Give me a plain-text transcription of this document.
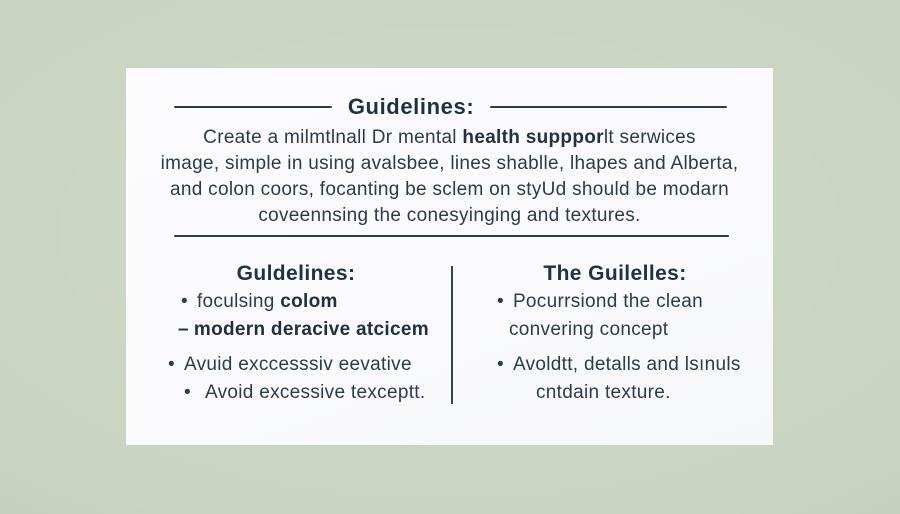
Guidelines:
Create a milmtlnall Dr mental health suppporlt serwices
image, simple in using avalsbee, lines shablle, lhapes and Alberta,
and colon coors, focanting be sclem on styUd should be modarn
coveennsing the conesyinging and textures.
Guldelines:
• foculsing colom
– modern deracive atcicem
• Avuid exccesssiv eevative
• Avoid excessive texceptt.
The Guilelles:
• Pocurrsiond the clean
convering concept
• Avoldtt, detalls and lsınuls
cntdain texture.
